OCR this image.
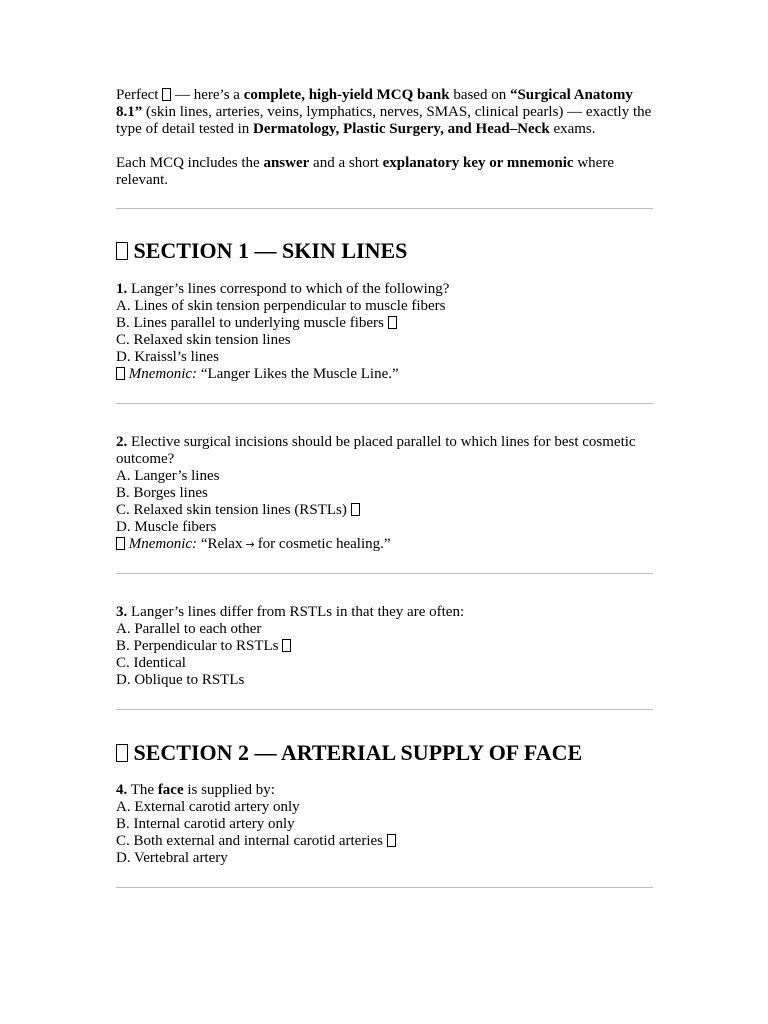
Perfect  — here’s a complete, high-yield MCQ bank based on “Surgical Anatomy 8.1” (skin lines, arteries, veins, lymphatics, nerves, SMAS, clinical pearls) — exactly the type of detail tested in Dermatology, Plastic Surgery, and Head–Neck exams.

Each MCQ includes the answer and a short explanatory key or mnemonic where relevant.

SECTION 1 — SKIN LINES
1. Langer’s lines correspond to which of the following?
A. Lines of skin tension perpendicular to muscle fibers
B. Lines parallel to underlying muscle fibers
C. Relaxed skin tension lines
D. Kraissl’s lines
Mnemonic: “Langer Likes the Muscle Line.”

2. Elective surgical incisions should be placed parallel to which lines for best cosmetic outcome?

A. Langer’s lines
B. Borges lines
C. Relaxed skin tension lines (RSTLs)
D. Muscle fibers
Mnemonic: “Relax → for cosmetic healing.”
3. Langer’s lines differ from RSTLs in that they are often:
A. Parallel to each other
B. Perpendicular to RSTLs
C. Identical
D. Oblique to RSTLs
SECTION 2 — ARTERIAL SUPPLY OF FACE
4. The face is supplied by:
A. External carotid artery only
B. Internal carotid artery only
C. Both external and internal carotid arteries
D. Vertebral artery
